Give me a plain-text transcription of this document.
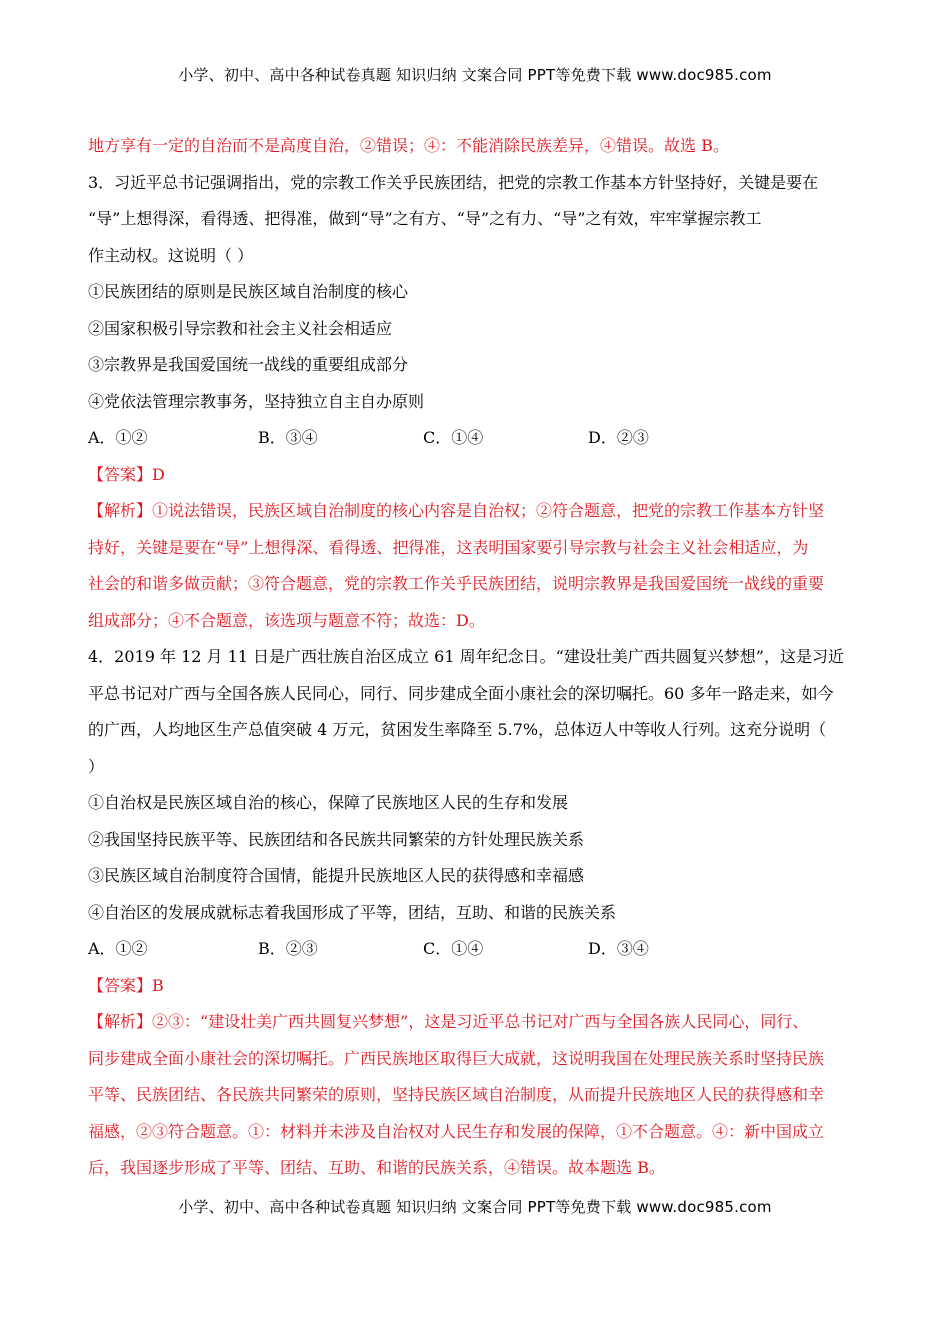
小学、初中、高中各种试卷真题 知识归纳 文案合同 PPT等免费下载 www.doc985.com
地方享有一定的自治而不是高度自治，②错误；④：不能消除民族差异，④错误。故选 B。
3．习近平总书记强调指出，党的宗教工作关乎民族团结，把党的宗教工作基本方针坚持好，关键是要在
“导”上想得深，看得透、把得准，做到“导”之有方、“导”之有力、“导”之有效，牢牢掌握宗教工
作主动权。这说明（ ）
①民族团结的原则是民族区域自治制度的核心
②国家积极引导宗教和社会主义社会相适应
③宗教界是我国爱国统一战线的重要组成部分
④党依法管理宗教事务，坚持独立自主自办原则
A．①②	B．③④	C．①④	D．②③
【答案】D
【解析】①说法错误，民族区域自治制度的核心内容是自治权；②符合题意，把党的宗教工作基本方针坚
持好，关键是要在“导”上想得深、看得透、把得准，这表明国家要引导宗教与社会主义社会相适应，为
社会的和谐多做贡献；③符合题意，党的宗教工作关乎民族团结，说明宗教界是我国爱国统一战线的重要
组成部分；④不合题意，该选项与题意不符；故选：D。
4．2019 年 12 月 11 日是广西壮族自治区成立 61 周年纪念日。“建设壮美广西共圆复兴梦想”，这是习近
平总书记对广西与全国各族人民同心，同行、同步建成全面小康社会的深切嘱托。60 多年一路走来，如今
的广西，人均地区生产总值突破 4 万元，贫困发生率降至 5.7%，总体迈人中等收人行列。这充分说明（
）
①自治权是民族区域自治的核心，保障了民族地区人民的生存和发展
②我国坚持民族平等、民族团结和各民族共同繁荣的方针处理民族关系
③民族区域自治制度符合国情，能提升民族地区人民的获得感和幸福感
④自治区的发展成就标志着我国形成了平等，团结，互助、和谐的民族关系
A．①②	B．②③	C．①④	D．③④
【答案】B
【解析】②③：“建设壮美广西共圆复兴梦想”，这是习近平总书记对广西与全国各族人民同心，同行、
同步建成全面小康社会的深切嘱托。广西民族地区取得巨大成就，这说明我国在处理民族关系时坚持民族
平等、民族团结、各民族共同繁荣的原则，坚持民族区域自治制度，从而提升民族地区人民的获得感和幸
福感，②③符合题意。①：材料并未涉及自治权对人民生存和发展的保障，①不合题意。④：新中国成立
后，我国逐步形成了平等、团结、互助、和谐的民族关系，④错误。故本题选 B。
小学、初中、高中各种试卷真题 知识归纳 文案合同 PPT等免费下载 www.doc985.com
